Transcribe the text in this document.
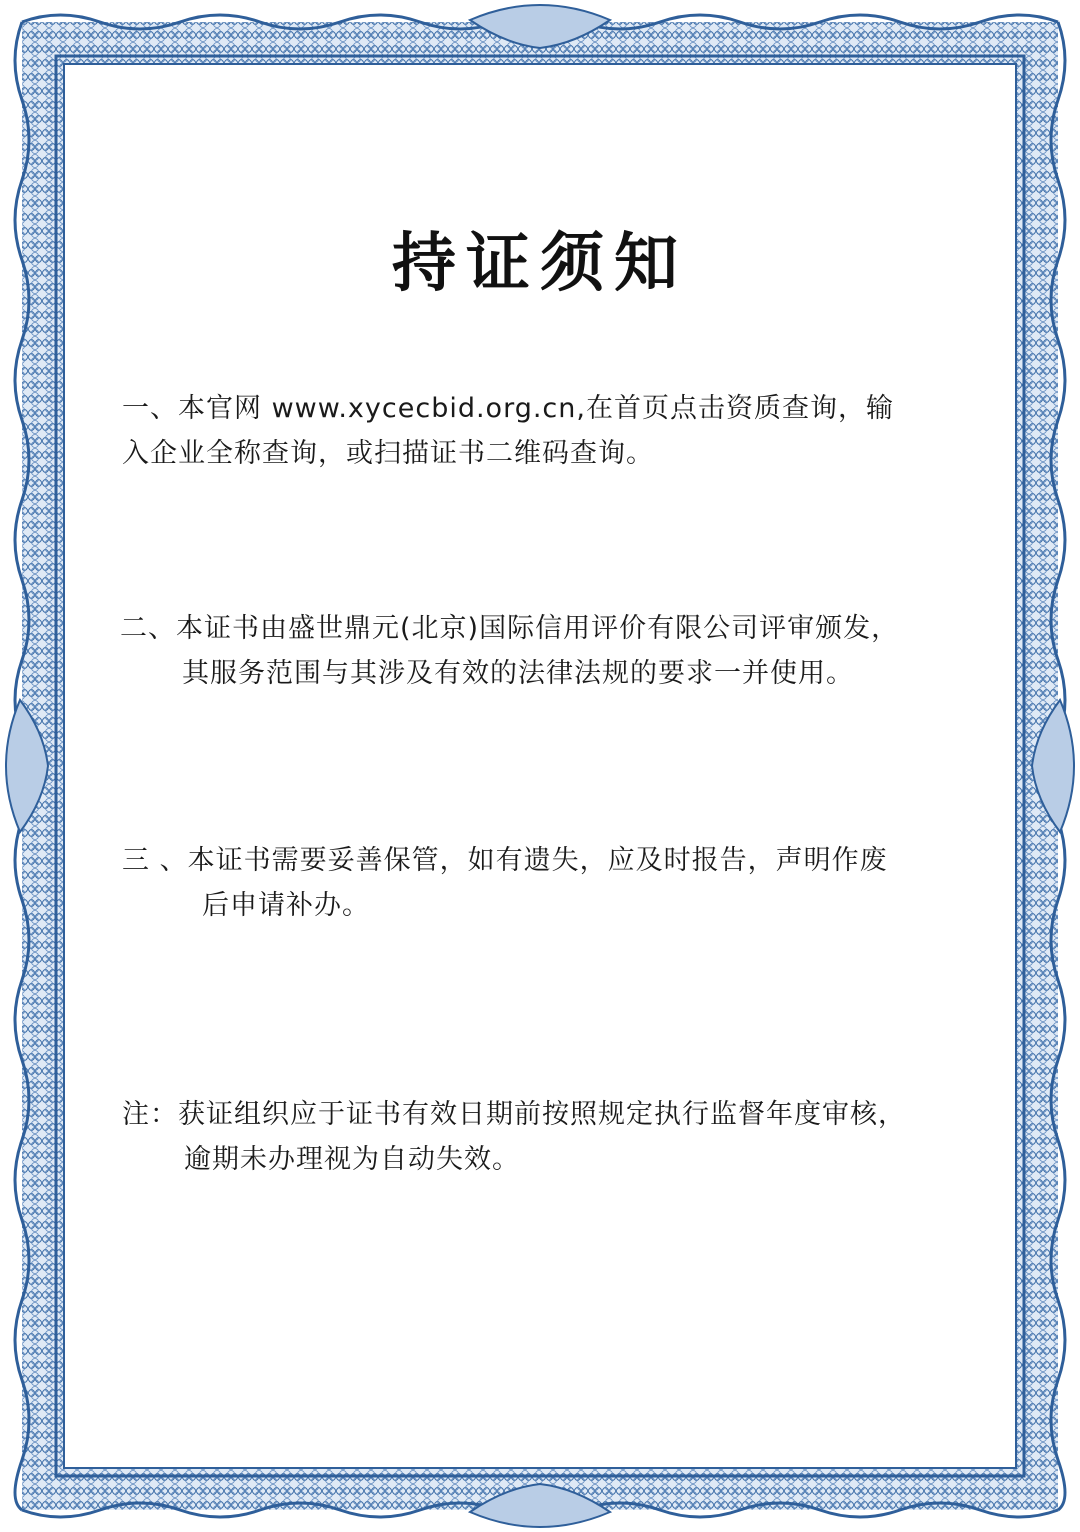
持证须知
一、本官网 www.xycecbid.org.cn,在首页点击资质查询，输
入企业全称查询，或扫描证书二维码查询。
二、本证书由盛世鼎元(北京)国际信用评价有限公司评审颁发，
其服务范围与其涉及有效的法律法规的要求一并使用。
三 、本证书需要妥善保管，如有遗失，应及时报告，声明作废
后申请补办。
注：获证组织应于证书有效日期前按照规定执行监督年度审核，
逾期未办理视为自动失效。
